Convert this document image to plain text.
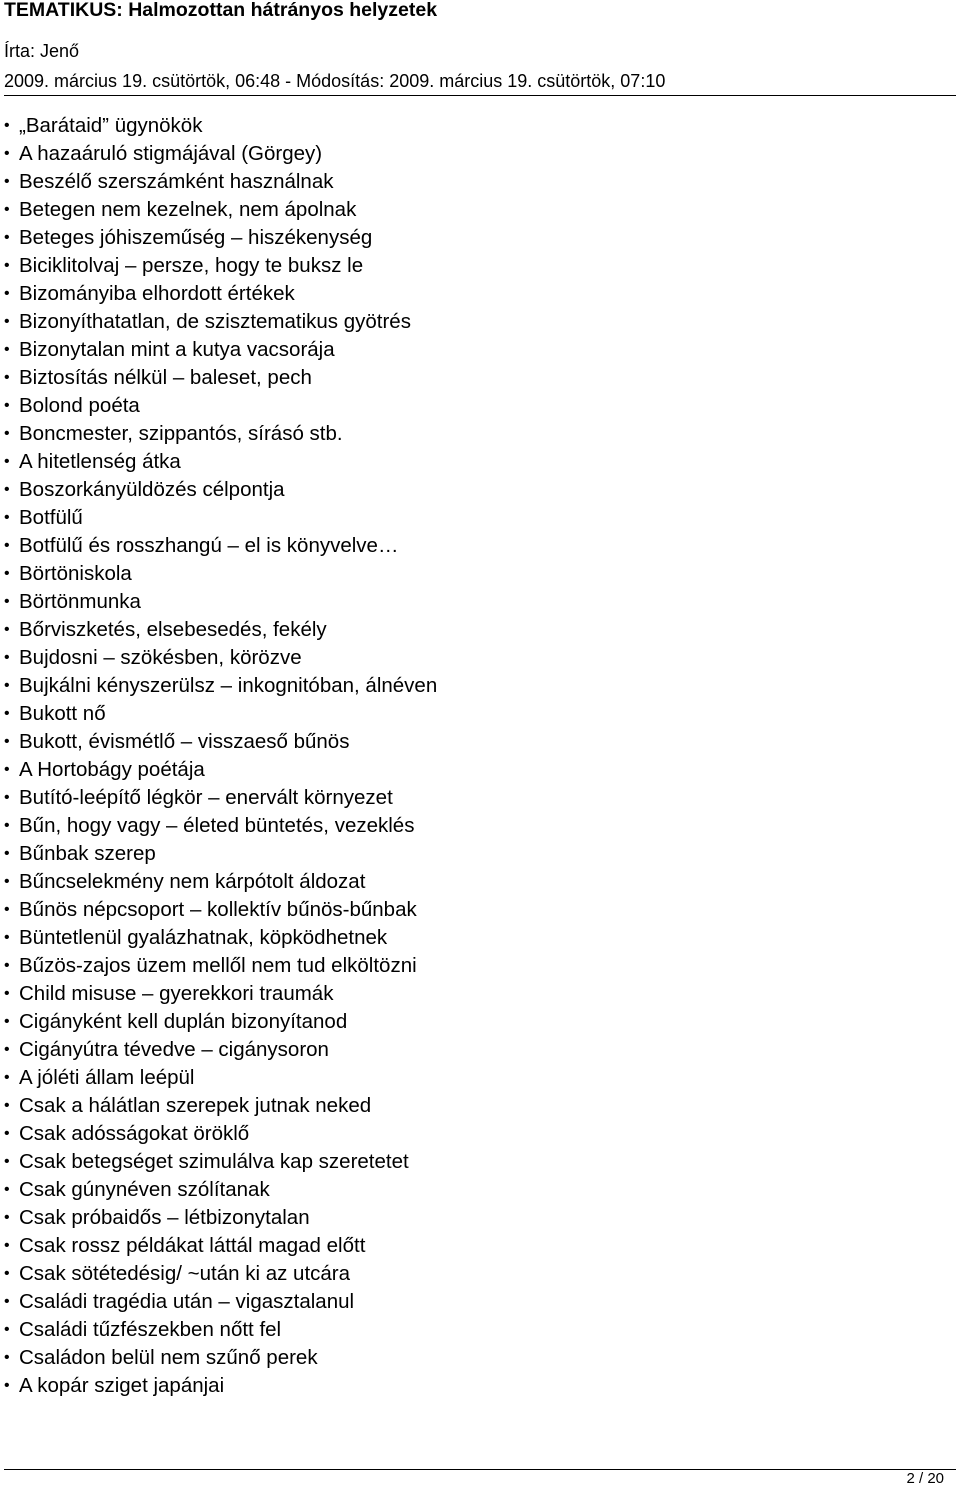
TEMATIKUS: Halmozottan hátrányos helyzetek
Írta: Jenő
2009. március 19. csütörtök, 06:48 - Módosítás: 2009. március 19. csütörtök, 07:10
• „Barátaid” ügynökök
• A hazaáruló stigmájával (Görgey)
• Beszélő szerszámként használnak
• Betegen nem kezelnek, nem ápolnak
• Beteges jóhiszeműség – hiszékenység
• Biciklitolvaj – persze, hogy te buksz le
• Bizományiba elhordott értékek
• Bizonyíthatatlan, de szisztematikus gyötrés
• Bizonytalan mint a kutya vacsorája
• Biztosítás nélkül – baleset, pech
• Bolond poéta
• Boncmester, szippantós, sírásó stb.
• A hitetlenség átka
• Boszorkányüldözés célpontja
• Botfülű
• Botfülű és rosszhangú – el is könyvelve…
• Börtöniskola
• Börtönmunka
• Bőrviszketés, elsebesedés, fekély
• Bujdosni – szökésben, körözve
• Bujkálni kényszerülsz – inkognitóban, álnéven
• Bukott nő
• Bukott, évismétlő – visszaeső bűnös
• A Hortobágy poétája
• Butító-leépítő légkör – enervált környezet
• Bűn, hogy vagy – életed büntetés, vezeklés
• Bűnbak szerep
• Bűncselekmény nem kárpótolt áldozat
• Bűnös népcsoport – kollektív bűnös-bűnbak
• Büntetlenül gyalázhatnak, köpködhetnek
• Bűzös-zajos üzem mellől nem tud elköltözni
• Child misuse – gyerekkori traumák
• Cigányként kell duplán bizonyítanod
• Cigányútra tévedve – cigánysoron
• A jóléti állam leépül
• Csak a hálátlan szerepek jutnak neked
• Csak adósságokat öröklő
• Csak betegséget szimulálva kap szeretetet
• Csak gúnynéven szólítanak
• Csak próbaidős – létbizonytalan
• Csak rossz példákat láttál magad előtt
• Csak sötétedésig/ ~után ki az utcára
• Családi tragédia után – vigasztalanul
• Családi tűzfészekben nőtt fel
• Családon belül nem szűnő perek
• A kopár sziget japánjai
2 / 20
